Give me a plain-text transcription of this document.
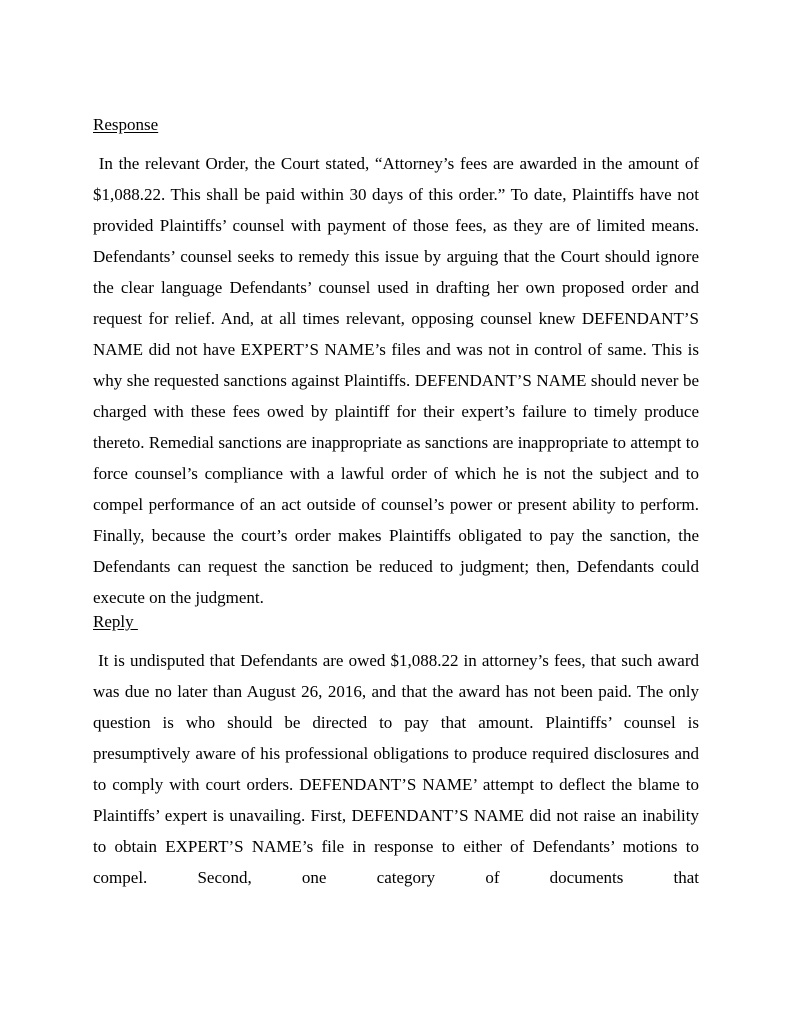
Response
In the relevant Order, the Court stated, “Attorney’s fees are awarded in the amount of $1,088.22. This shall be paid within 30 days of this order.” To date, Plaintiffs have not provided Plaintiffs’ counsel with payment of those fees, as they are of limited means. Defendants’ counsel seeks to remedy this issue by arguing that the Court should ignore the clear language Defendants’ counsel used in drafting her own proposed order and request for relief. And, at all times relevant, opposing counsel knew DEFENDANT’S NAME did not have EXPERT’S NAME’s files and was not in control of same. This is why she requested sanctions against Plaintiffs. DEFENDANT’S NAME should never be charged with these fees owed by plaintiff for their expert’s failure to timely produce thereto. Remedial sanctions are inappropriate as sanctions are inappropriate to attempt to force counsel’s compliance with a lawful order of which he is not the subject and to compel performance of an act outside of counsel’s power or present ability to perform. Finally, because the court’s order makes Plaintiffs obligated to pay the sanction, the Defendants can request the sanction be reduced to judgment; then, Defendants could execute on the judgment.
Reply
It is undisputed that Defendants are owed $1,088.22 in attorney’s fees, that such award was due no later than August 26, 2016, and that the award has not been paid. The only question is who should be directed to pay that amount. Plaintiffs’ counsel is presumptively aware of his professional obligations to produce required disclosures and to comply with court orders. DEFENDANT’S NAME’ attempt to deflect the blame to Plaintiffs’ expert is unavailing. First, DEFENDANT’S NAME did not raise an inability to obtain EXPERT’S NAME’s file in response to either of Defendants’ motions to compel. Second, one category of documents that
